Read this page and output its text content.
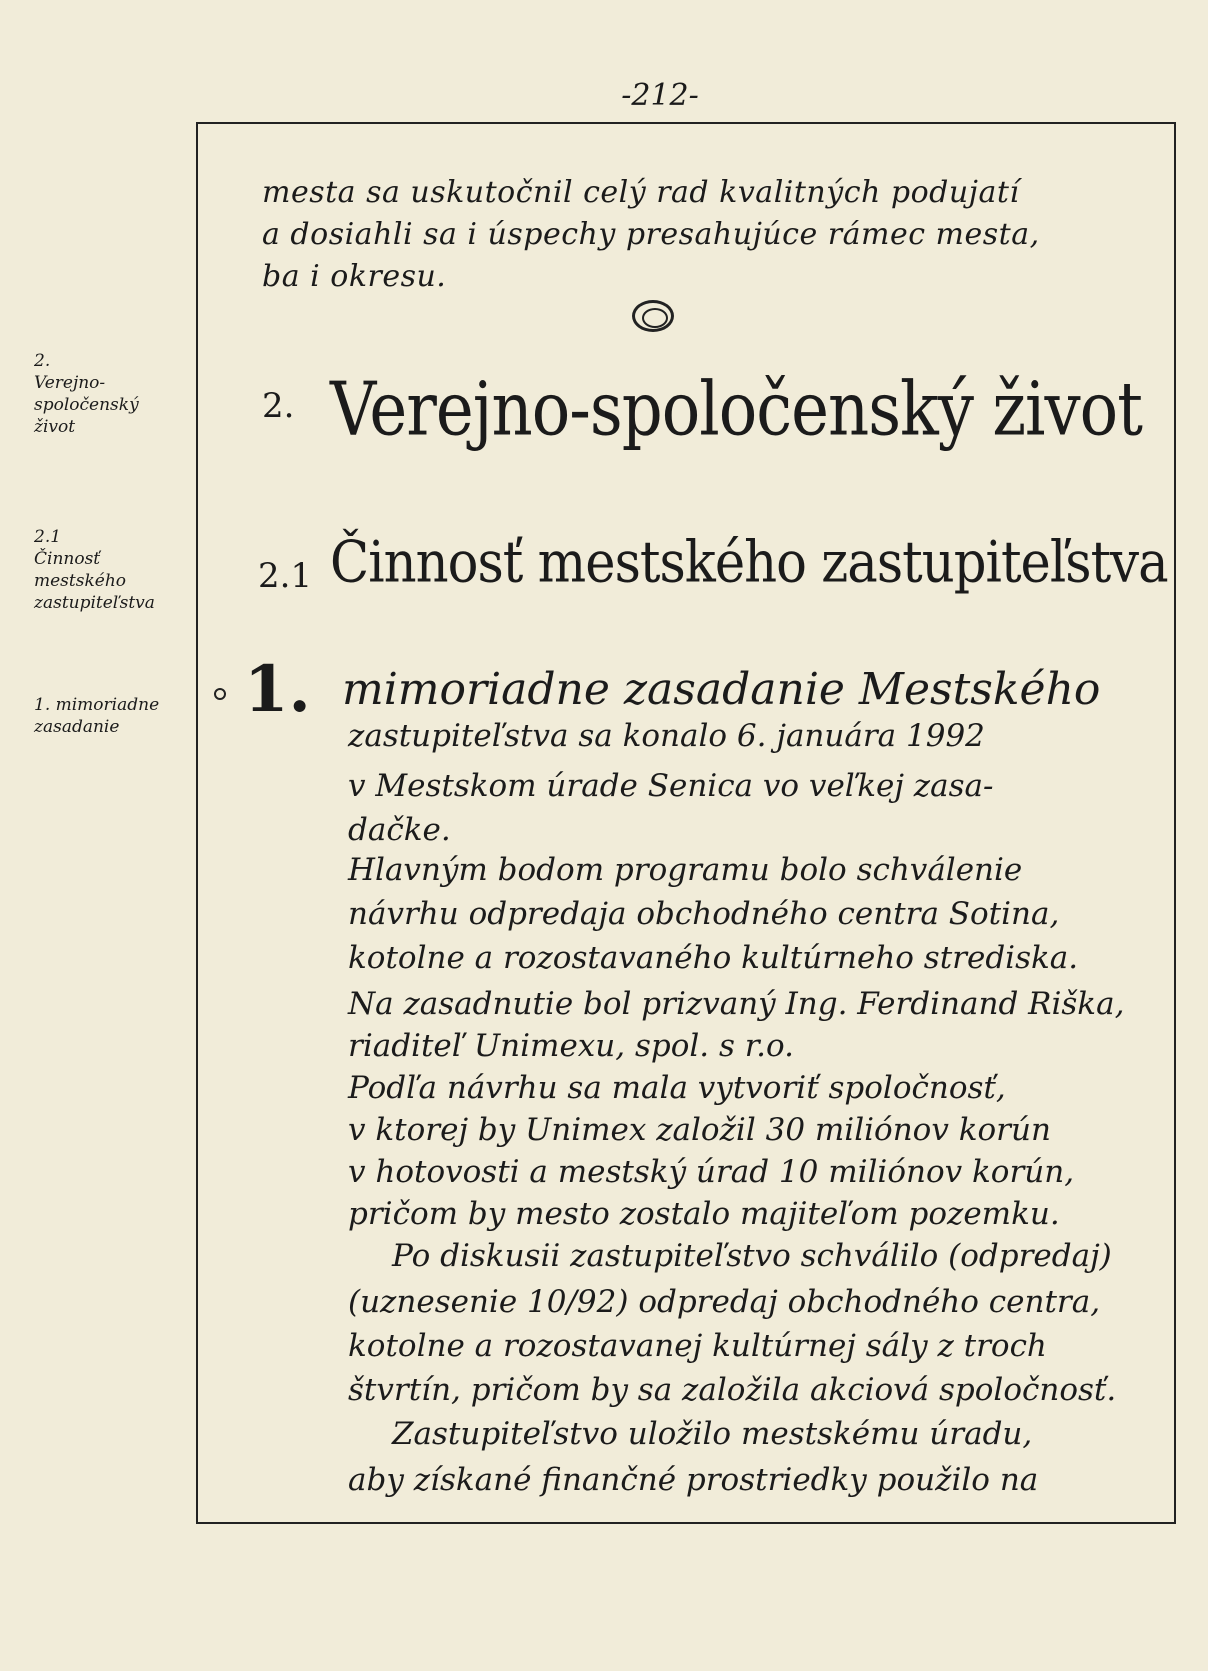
-212-
2.
Verejno-
spoločenský
život
2.1
Činnosť
mestského
zastupiteľstva
1. mimoriadne
zasadanie
mesta sa uskutočnil celý rad kvalitných podujatí
a dosiahli sa i úspechy presahujúce rámec mesta,
ba i okresu.
2. Verejno-spoločenský život
2.1 Činnosť mestského zastupiteľstva
1. mimoriadne zasadanie Mestského
zastupiteľstva sa konalo 6. januára 1992
v Mestskom úrade Senica vo veľkej zasa-
dačke.
Hlavným bodom programu bolo schválenie
návrhu odpredaja obchodného centra Sotina,
kotolne a rozostavaného kultúrneho strediska.
Na zasadnutie bol prizvaný Ing. Ferdinand Riška,
riaditeľ Unimexu, spol. s r.o.
Podľa návrhu sa mala vytvoriť spoločnosť,
v ktorej by Unimex založil 30 miliónov korún
v hotovosti a mestský úrad 10 miliónov korún,
pričom by mesto zostalo majiteľom pozemku.
Po diskusii zastupiteľstvo schválilo (odpredaj)
(uznesenie 10/92) odpredaj obchodného centra,
kotolne a rozostavanej kultúrnej sály z troch
štvrtín, pričom by sa založila akciová spoločnosť.
Zastupiteľstvo uložilo mestskému úradu,
aby získané finančné prostriedky použilo na
